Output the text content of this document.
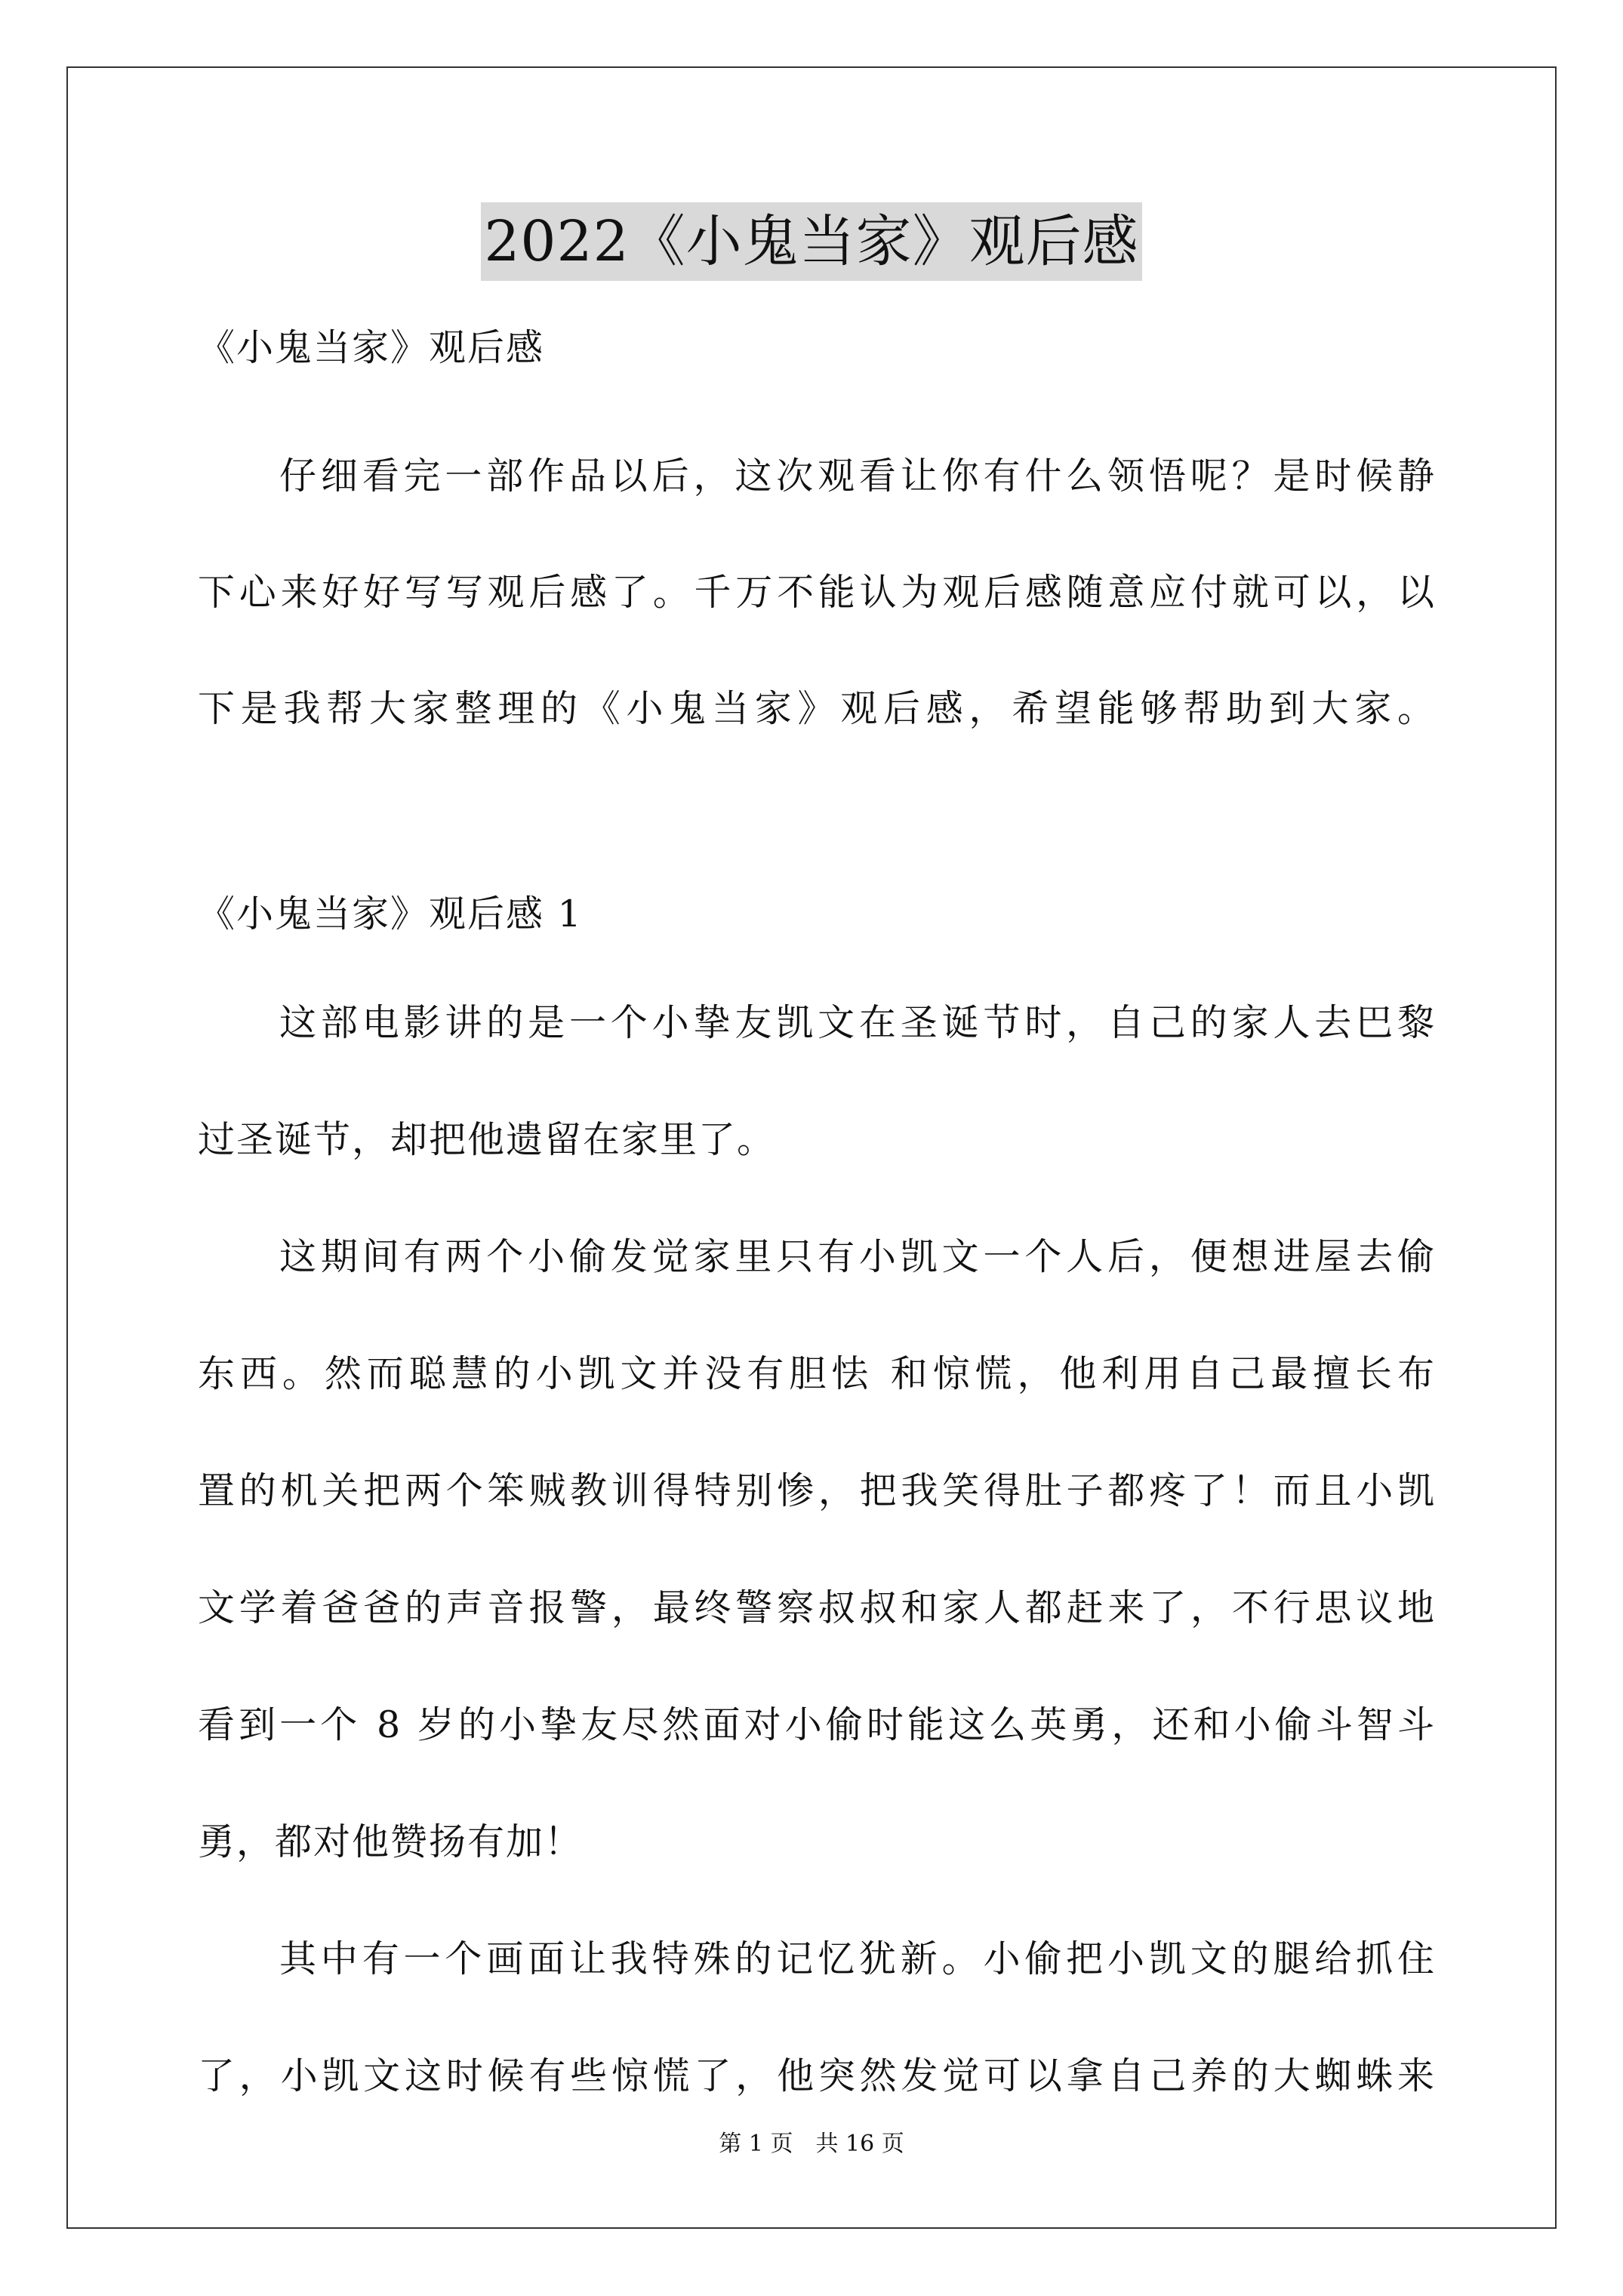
2022《小鬼当家》观后感
《小鬼当家》观后感
仔细看完一部作品以后，这次观看让你有什么领悟呢？是时候静
下心来好好写写观后感了。千万不能认为观后感随意应付就可以，以
下是我帮大家整理的《小鬼当家》观后感，希望能够帮助到大家。
《小鬼当家》观后感 1
这部电影讲的是一个小挚友凯文在圣诞节时，自己的家人去巴黎
过圣诞节，却把他遗留在家里了。
这期间有两个小偷发觉家里只有小凯文一个人后，便想进屋去偷
东西。然而聪慧的小凯文并没有胆怯 和惊慌，他利用自己最擅长布
置的机关把两个笨贼教训得特别惨，把我笑得肚子都疼了！而且小凯
文学着爸爸的声音报警，最终警察叔叔和家人都赶来了，不行思议地
看到一个 8 岁的小挚友尽然面对小偷时能这么英勇，还和小偷斗智斗
勇，都对他赞扬有加！
其中有一个画面让我特殊的记忆犹新。小偷把小凯文的腿给抓住
了，小凯文这时候有些惊慌了，他突然发觉可以拿自己养的大蜘蛛来
第 1 页　共 16 页
